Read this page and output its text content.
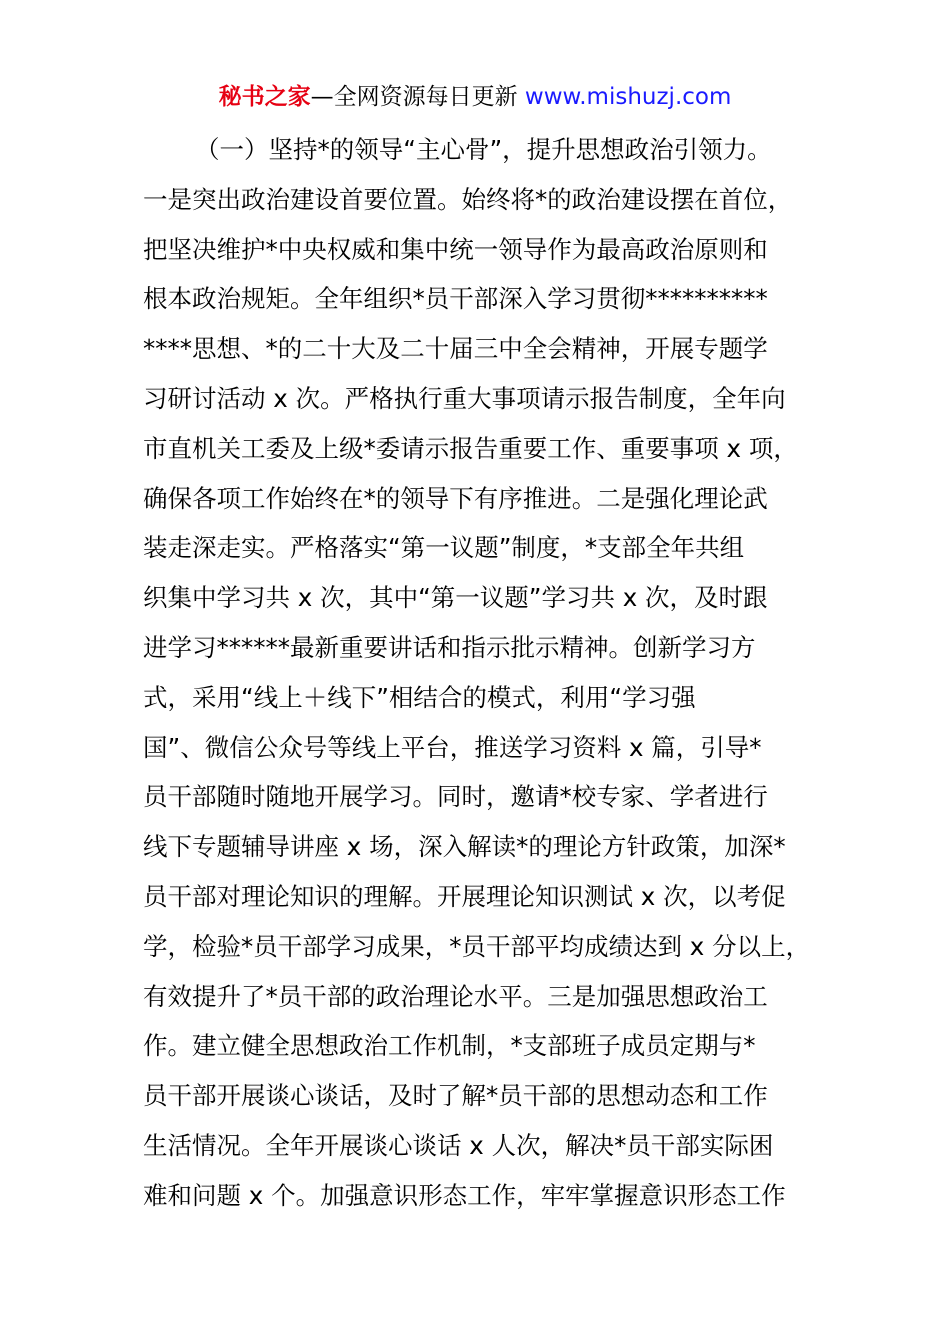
秘书之家—全网资源每日更新 www.mishuzj.com
（一）坚持*的领导“主心骨”，提升思想政治引领力。
一是突出政治建设首要位置。始终将*的政治建设摆在首位，
把坚决维护*中央权威和集中统一领导作为最高政治原则和
根本政治规矩。全年组织*员干部深入学习贯彻**********
****思想、*的二十大及二十届三中全会精神，开展专题学
习研讨活动 x 次。严格执行重大事项请示报告制度，全年向
市直机关工委及上级*委请示报告重要工作、重要事项 x 项，
确保各项工作始终在*的领导下有序推进。二是强化理论武
装走深走实。严格落实“第一议题”制度，*支部全年共组
织集中学习共 x 次，其中“第一议题”学习共 x 次，及时跟
进学习******最新重要讲话和指示批示精神。创新学习方
式，采用“线上＋线下”相结合的模式，利用“学习强
国”、微信公众号等线上平台，推送学习资料 x 篇，引导*
员干部随时随地开展学习。同时，邀请*校专家、学者进行
线下专题辅导讲座 x 场，深入解读*的理论方针政策，加深*
员干部对理论知识的理解。开展理论知识测试 x 次，以考促
学，检验*员干部学习成果，*员干部平均成绩达到 x 分以上，
有效提升了*员干部的政治理论水平。三是加强思想政治工
作。建立健全思想政治工作机制，*支部班子成员定期与*
员干部开展谈心谈话，及时了解*员干部的思想动态和工作
生活情况。全年开展谈心谈话 x 人次，解决*员干部实际困
难和问题 x 个。加强意识形态工作，牢牢掌握意识形态工作
